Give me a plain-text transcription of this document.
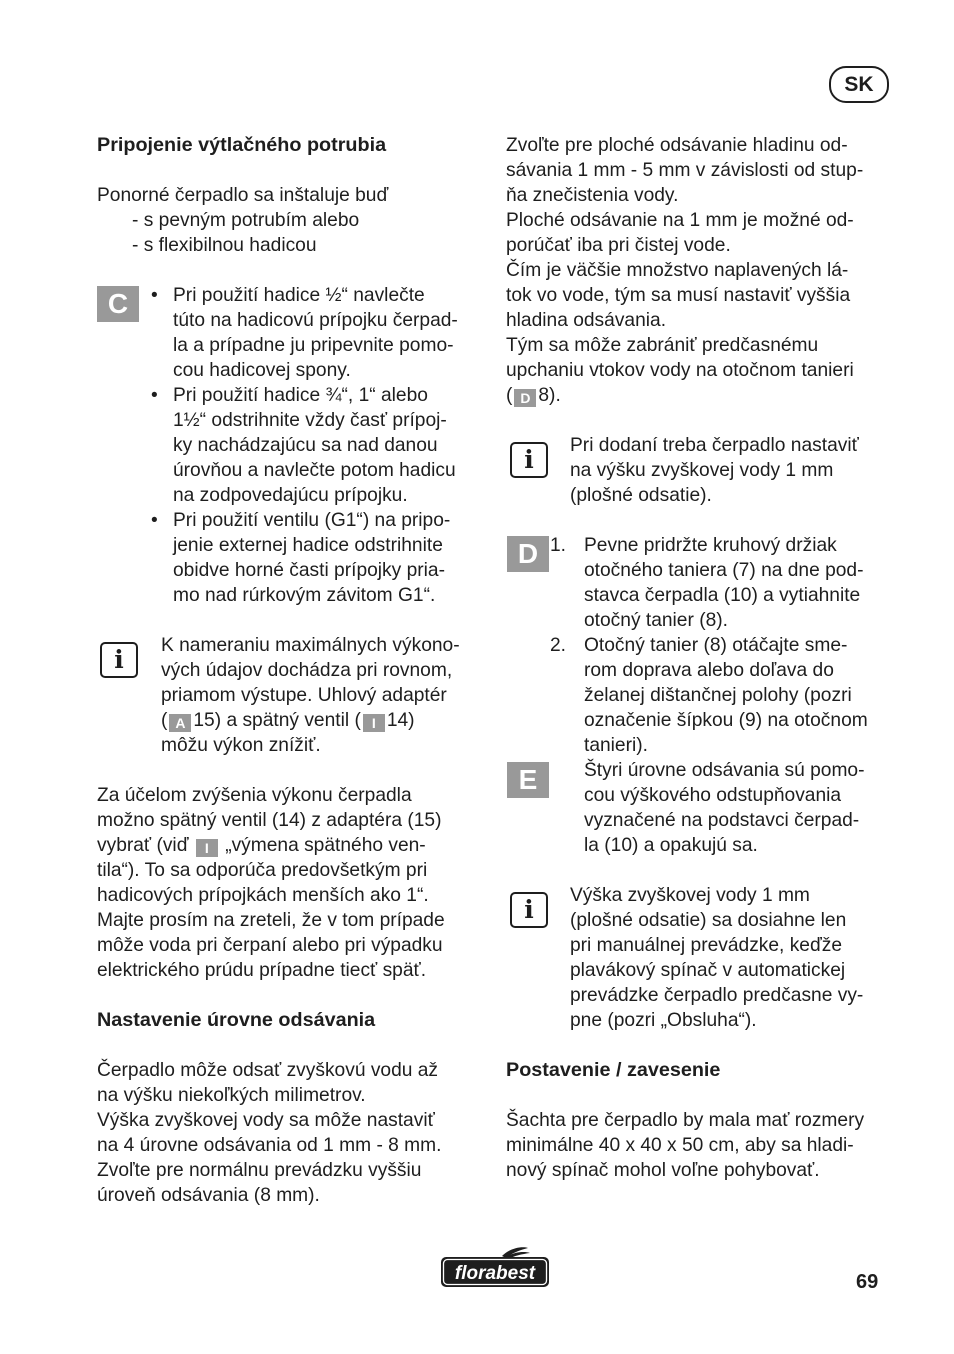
SK
Pripojenie výtlačného potrubia

Ponorné čerpadlo sa inštaluje buď

- s pevným potrubím alebo

- s flexibilnou hadicou

C
•	Pri použití hadice ½“ navlečte
túto na hadicovú prípojku čerpad-
la a prípadne ju pripevnite pomo-
cou hadicovej spony.
• Pri použití hadice ¾“, 1“ alebo
1½“ odstrihnite vždy časť prípoj-
ky nachádzajúcu sa nad danou
úrovňou a navlečte potom hadicu
na zodpovedajúcu prípojku.
• Pri použití ventilu (G1“) na pripo-
jenie externej hadice odstrihnite
obidve horné časti prípojky pria-
mo nad rúrkovým závitom G1“.
i	K nameraniu maximálnych výkono-
vých údajov dochádza pri rovnom,
priamom výstupe. Uhlový adaptér
( A 15) a spätný ventil ( I 14)
môžu výkon znížiť.
Za účelom zvýšenia výkonu čerpadla
možno spätný ventil (14) z adaptéra (15)
vybrať (viď I „výmena spätného ven-
tila“). To sa odporúča predovšetkým pri
hadicových prípojkách menších ako 1“.
Majte prosím na zreteli, že v tom prípade
môže voda pri čerpaní alebo pri výpadku
elektrického prúdu prípadne tiecť späť.
Nastavenie úrovne odsávania
Čerpadlo môže odsať zvyškovú vodu až
na výšku niekoľkých milimetrov.
Výška zvyškovej vody sa môže nastaviť
na 4 úrovne odsávania od 1 mm - 8 mm.
Zvoľte pre normálnu prevádzku vyššiu
úroveň odsávania (8 mm).
Zvoľte pre ploché odsávanie hladinu od-
sávania 1 mm - 5 mm v závislosti od stup-
ňa znečistenia vody.
Ploché odsávanie na 1 mm je možné od-
porúčať iba pri čistej vode.
Čím je väčšie množstvo naplavených lá-
tok vo vode, tým sa musí nastaviť vyššia
hladina odsávania.
Tým sa môže zabrániť predčasnému
upchaniu vtokov vody na otočnom tanieri
( D 8).
i	Pri dodaní treba čerpadlo nastaviť
na výšku zvyškovej vody 1 mm
(plošné odsatie).
D 1. Pevne pridržte kruhový držiak
otočného taniera (7) na dne pod-
stavca čerpadla (10) a vytiahnite
otočný tanier (8).
2. Otočný tanier (8) otáčajte sme-
rom doprava alebo doľava do
želanej dištančnej polohy (pozri
označenie šípkou (9) na otočnom
tanieri).
E	Štyri úrovne odsávania sú pomo-
cou výškového odstupňovania
vyznačené na podstavci čerpad-
la (10) a opakujú sa.
i	Výška zvyškovej vody 1 mm
(plošné odsatie) sa dosiahne len
pri manuálnej prevádzke, keďže
plavákový spínač v automatickej
prevádzke čerpadlo predčasne vy-
pne (pozri „Obsluha“).
Postavenie / zavesenie
Šachta pre čerpadlo by mala mať rozmery
minimálne 40 x 40 x 50 cm, aby sa hladi-
nový spínač mohol voľne pohybovať.
florabest	69
